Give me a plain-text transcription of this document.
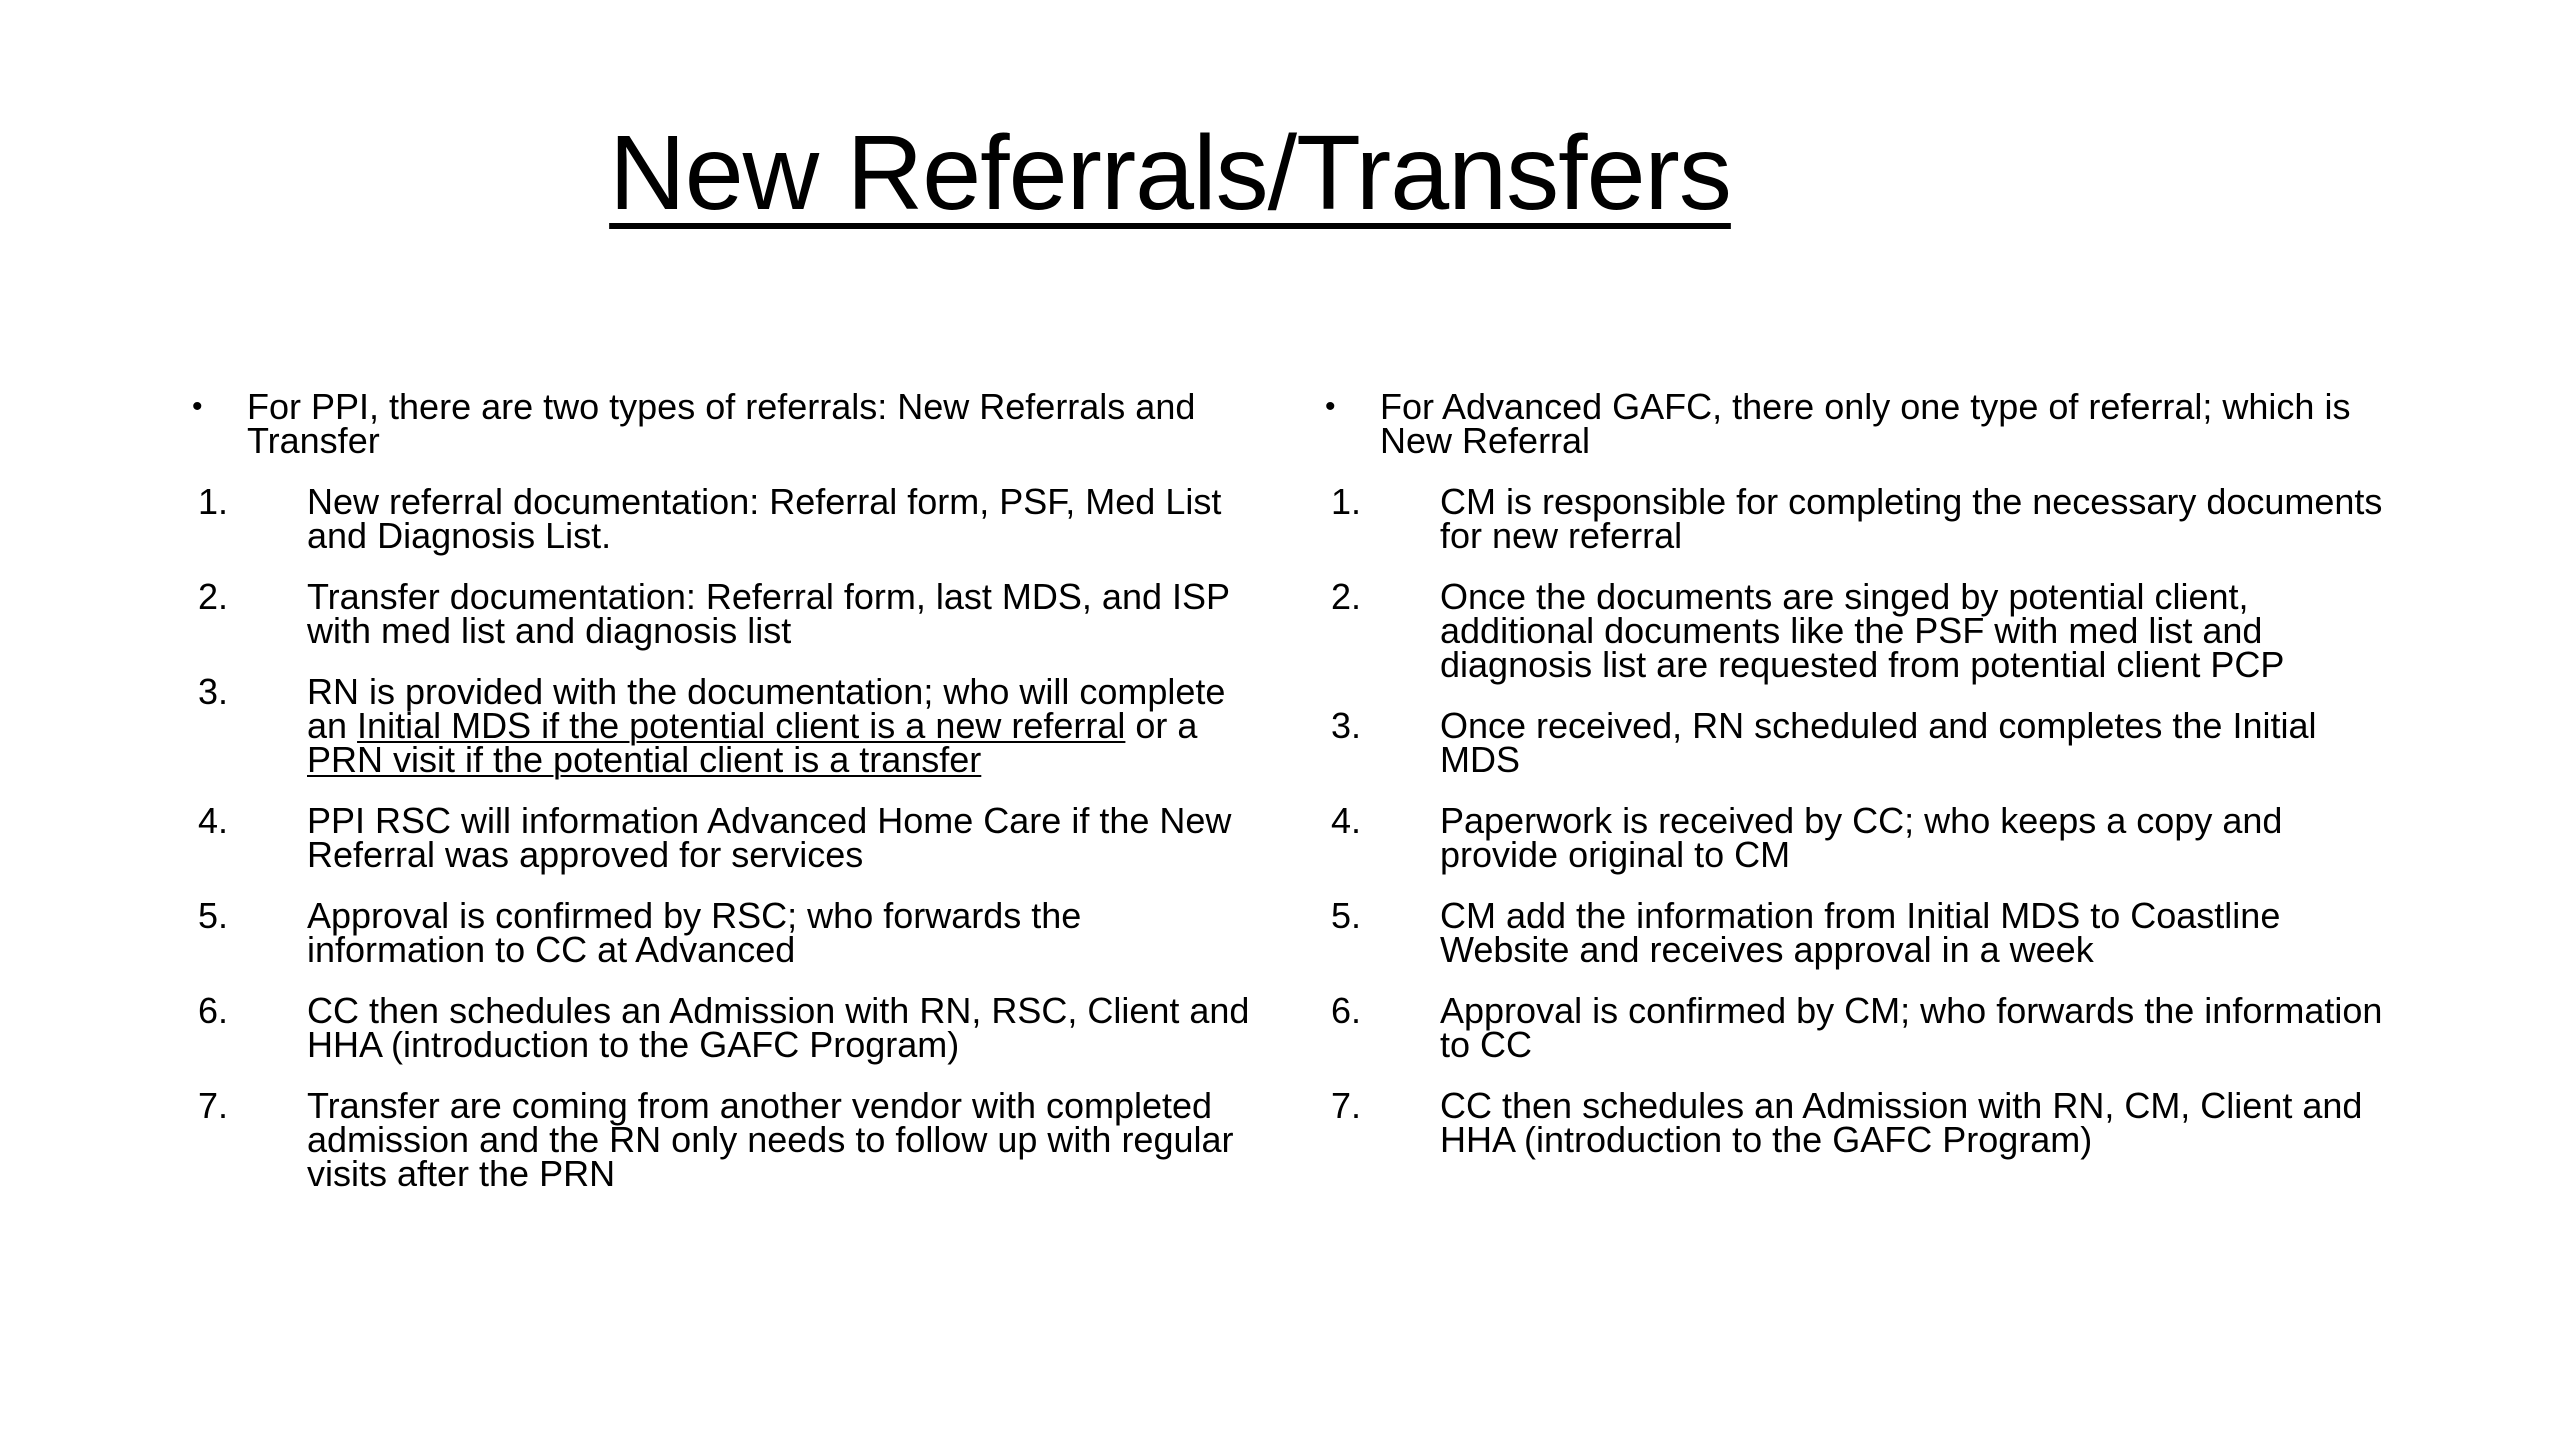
New Referrals/Transfers
• For PPI, there are two types of referrals: New Referrals and Transfer
1. New referral documentation: Referral form, PSF, Med List and Diagnosis List.
2. Transfer documentation: Referral form, last MDS, and ISP with med list and diagnosis list
3. RN is provided with the documentation; who will complete an Initial MDS if the potential client is a new referral or a PRN visit if the potential client is a transfer
4. PPI RSC will information Advanced Home Care if the New Referral was approved for services
5. Approval is confirmed by RSC; who forwards the information to CC at Advanced
6. CC then schedules an Admission with RN, RSC, Client and HHA (introduction to the GAFC Program)
7. Transfer are coming from another vendor with completed admission and the RN only needs to follow up with regular visits after the PRN
• For Advanced GAFC, there only one type of referral; which is New Referral
1. CM is responsible for completing the necessary documents for new referral
2. Once the documents are singed by potential client, additional documents like the PSF with med list and diagnosis list are requested from potential client PCP
3. Once received, RN scheduled and completes the Initial MDS
4. Paperwork is received by CC; who keeps a copy and provide original to CM
5. CM add the information from Initial MDS to Coastline Website and receives approval in a week
6. Approval is confirmed by CM; who forwards the information to CC
7. CC then schedules an Admission with RN, CM, Client and HHA (introduction to the GAFC Program)
